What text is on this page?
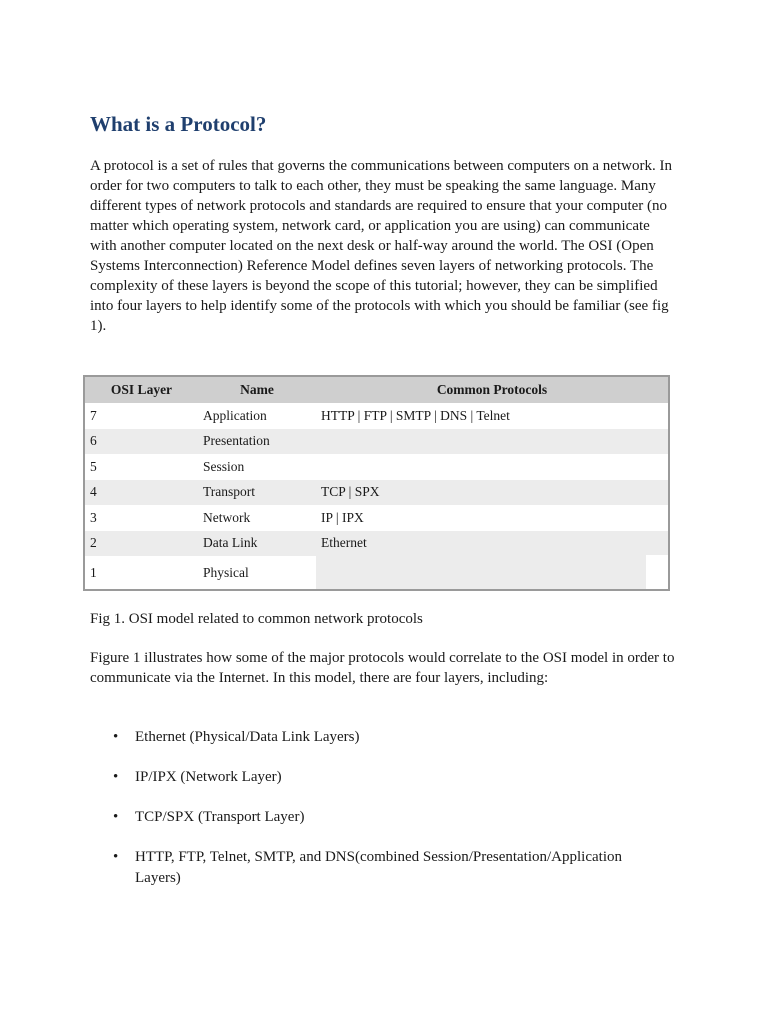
What is a Protocol?

A protocol is a set of rules that governs the communications between computers on a network. In order for two computers to talk to each other, they must be speaking the same language. Many different types of network protocols and standards are required to ensure that your computer (no matter which operating system, network card, or application you are using) can communicate with another computer located on the next desk or half-way around the world. The OSI (Open Systems Interconnection) Reference Model defines seven layers of networking protocols. The complexity of these layers is beyond the scope of this tutorial; however, they can be simplified into four layers to help identify some of the protocols with which you should be familiar (see fig 1).

Fig 1. OSI model related to common network protocols

Figure 1 illustrates how some of the major protocols would correlate to the OSI model in order to communicate via the Internet. In this model, there are four layers, including:

• Ethernet (Physical/Data Link Layers)
• IP/IPX (Network Layer)
• TCP/SPX (Transport Layer)
• HTTP, FTP, Telnet, SMTP, and DNS(combined Session/Presentation/Application Layers)
OSI Layer	Name	Common Protocols
7	Application	HTTP | FTP | SMTP | DNS | Telnet
6	Presentation	
5	Session	
4	Transport	TCP | SPX
3	Network	IP | IPX
2	Data Link	Ethernet

1	Physical	
